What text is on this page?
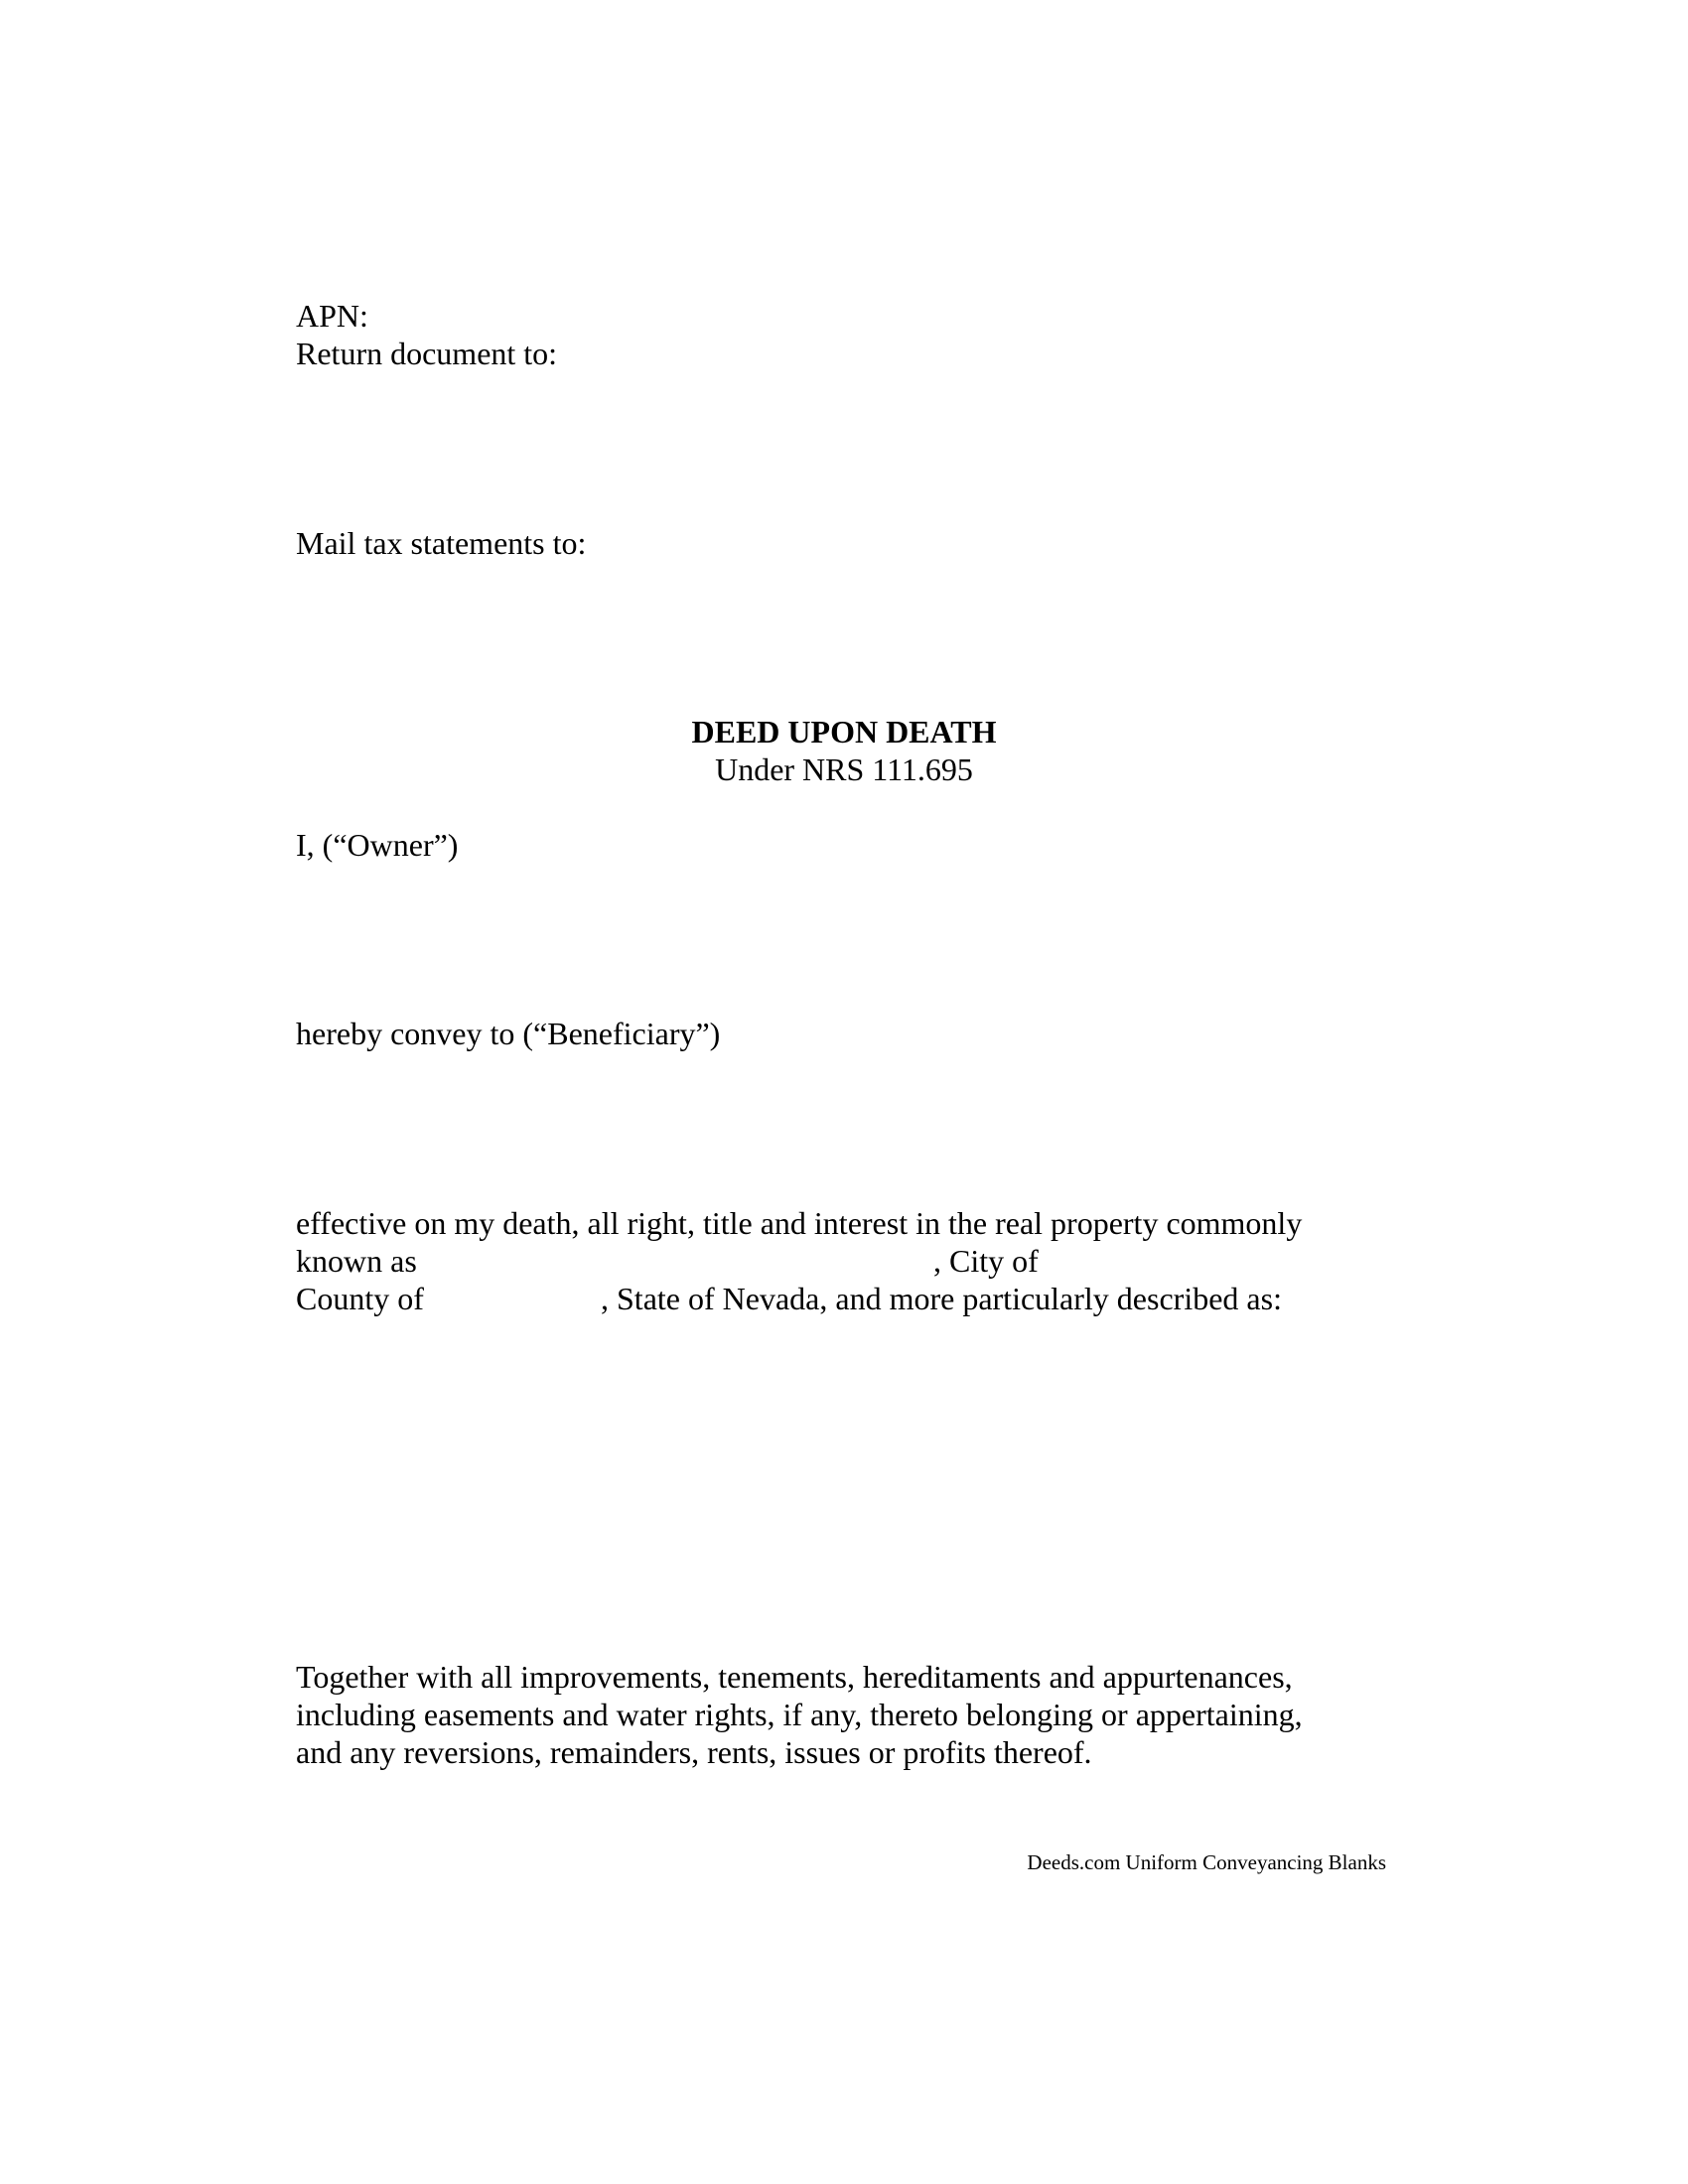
APN:
Return document to:
Mail tax statements to:
DEED UPON DEATH
Under NRS 111.695
I, (“Owner”)
hereby convey to (“Beneficiary”)
effective on my death, all right, title and interest in the real property commonly
known as	, City of
County of	, State of Nevada, and more particularly described as:
Together with all improvements, tenements, hereditaments and appurtenances,
including easements and water rights, if any, thereto belonging or appertaining,
and any reversions, remainders, rents, issues or profits thereof.
Deeds.com Uniform Conveyancing Blanks
